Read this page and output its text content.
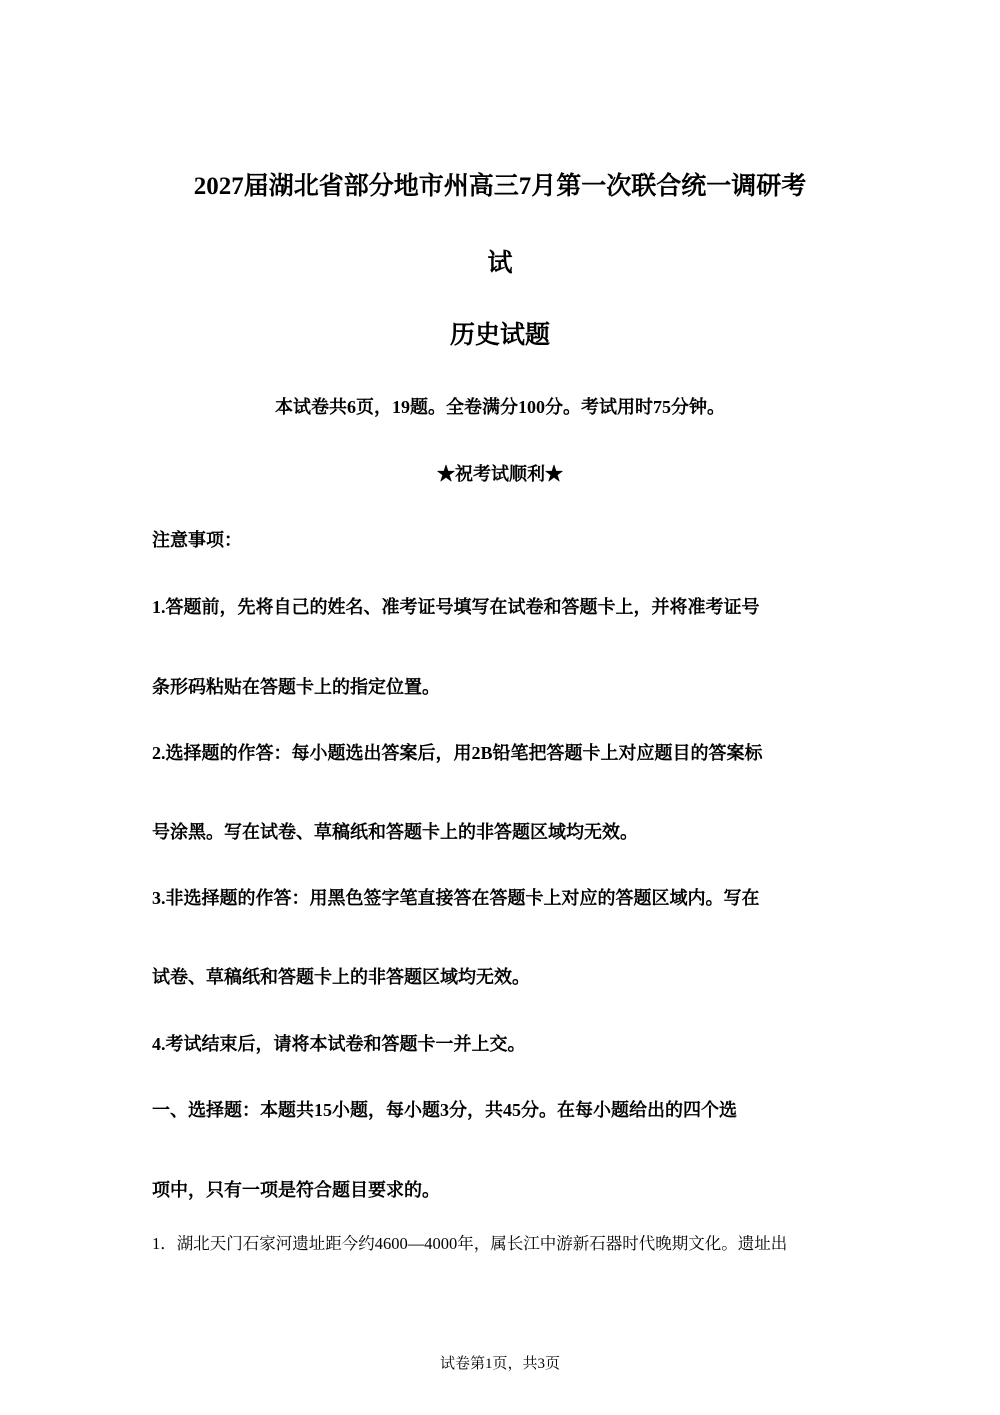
2027届湖北省部分地市州高三7月第一次联合统一调研考
试
历史试题
本试卷共6页，19题。全卷满分100分。考试用时75分钟。
★祝考试顺利★
注意事项：
1.答题前，先将自己的姓名、准考证号填写在试卷和答题卡上，并将准考证号
条形码粘贴在答题卡上的指定位置。
2.选择题的作答：每小题选出答案后，用2B铅笔把答题卡上对应题目的答案标
号涂黑。写在试卷、草稿纸和答题卡上的非答题区域均无效。
3.非选择题的作答：用黑色签字笔直接答在答题卡上对应的答题区域内。写在
试卷、草稿纸和答题卡上的非答题区域均无效。
4.考试结束后，请将本试卷和答题卡一并上交。
一、选择题：本题共15小题，每小题3分，共45分。在每小题给出的四个选
项中，只有一项是符合题目要求的。
1．湖北天门石家河遗址距今约4600—4000年，属长江中游新石器时代晚期文化。遗址出
试卷第1页，共3页
